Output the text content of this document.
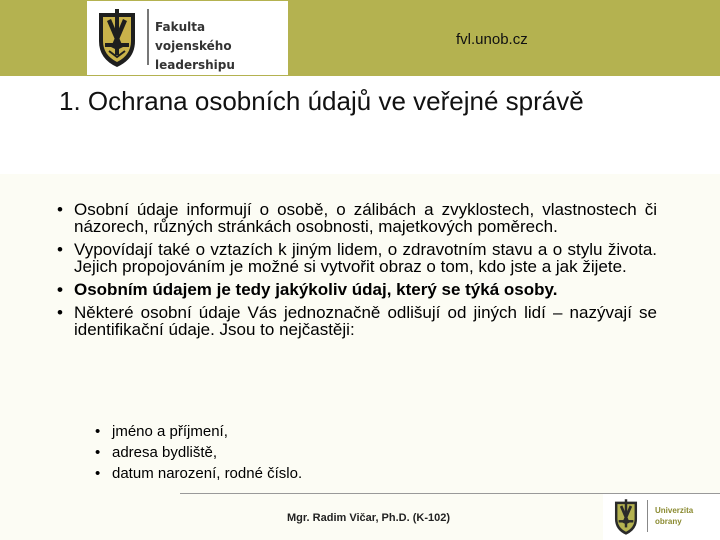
Fakulta vojenského leadershipu
fvl.unob.cz
1. Ochrana osobních údajů ve veřejné správě
• Osobní údaje informují o osobě, o zálibách a zvyklostech, vlastnostech či názorech, různých stránkách osobnosti, majetkových poměrech.
• Vypovídají také o vztazích k jiným lidem, o zdravotním stavu a o stylu života. Jejich propojováním je možné si vytvořit obraz o tom, kdo jste a jak žijete.
• Osobním údajem je tedy jakýkoliv údaj, který se týká osoby.
• Některé osobní údaje Vás jednoznačně odlišují od jiných lidí – nazývají se identifikační údaje. Jsou to nejčastěji:
• jméno a příjmení,
• adresa bydliště,
• datum narození, rodné číslo.
Mgr. Radim Vičar, Ph.D. (K-102)
Univerzita obrany
